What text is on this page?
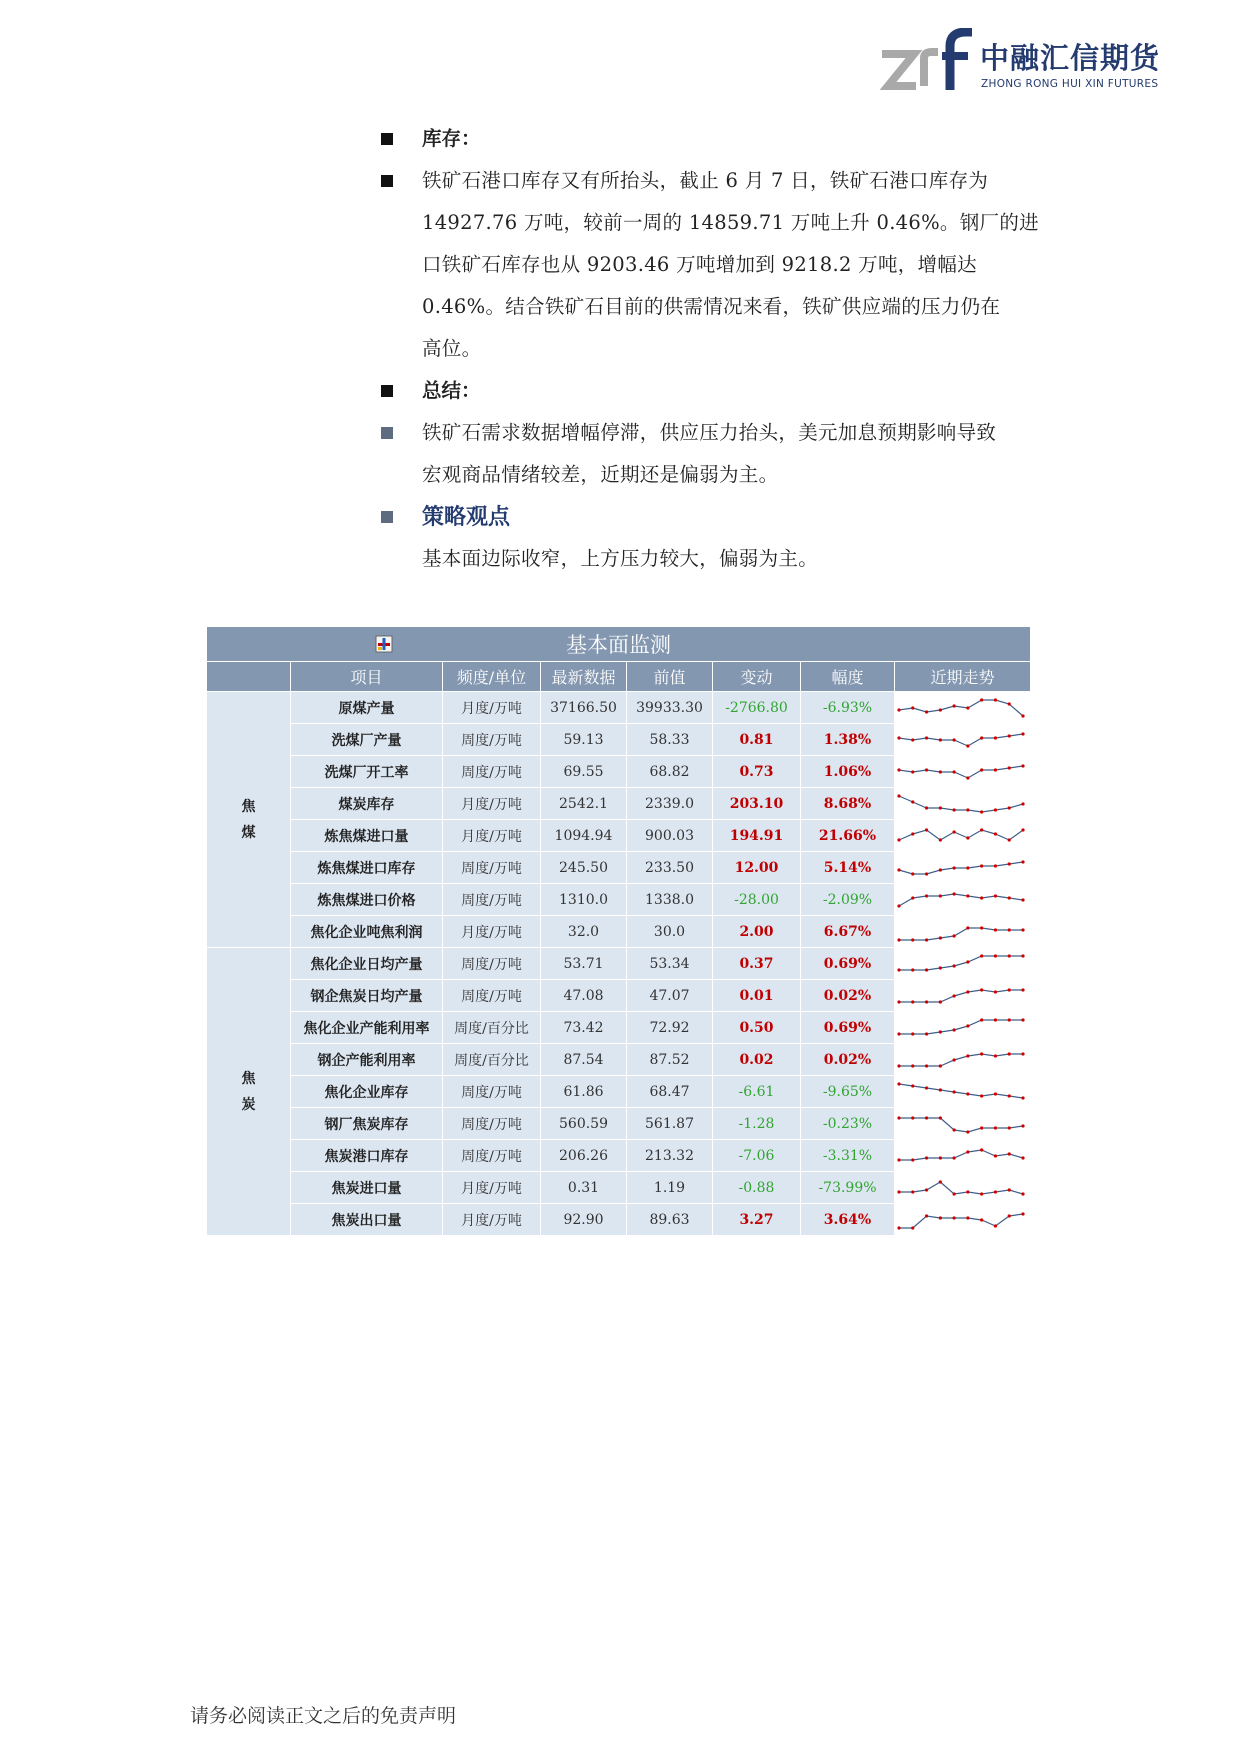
中融汇信期货
ZHONG RONG HUI XIN FUTURES
库存：
铁矿石港口库存又有所抬头，截止 6 月 7 日，铁矿石港口库存为
14927.76 万吨，较前一周的 14859.71 万吨上升 0.46%。钢厂的进
口铁矿石库存也从 9203.46 万吨增加到 9218.2 万吨，增幅达
0.46%。结合铁矿石目前的供需情况来看，铁矿供应端的压力仍在
高位。
总结：
铁矿石需求数据增幅停滞，供应压力抬头，美元加息预期影响导致
宏观商品情绪较差，近期还是偏弱为主。
策略观点
基本面边际收窄，上方压力较大，偏弱为主。
基本面监测							
	项目	频度/单位	最新数据	前值	变动	幅度	近期走势

焦
煤	原煤产量	月度/万吨	37166.50	39933.30	-2766.80	-6.93%	

	洗煤厂产量	周度/万吨	59.13	58.33	0.81	1.38%	

	洗煤厂开工率	周度/万吨	69.55	68.82	0.73	1.06%	

	煤炭库存	月度/万吨	2542.1	2339.0	203.10	8.68%	

	炼焦煤进口量	月度/万吨	1094.94	900.03	194.91	21.66%	

	炼焦煤进口库存	周度/万吨	245.50	233.50	12.00	5.14%	

	炼焦煤进口价格	周度/万吨	1310.0	1338.0	-28.00	-2.09%	

	焦化企业吨焦利润	月度/万吨	32.0	30.0	2.00	6.67%	

焦
炭	焦化企业日均产量	周度/万吨	53.71	53.34	0.37	0.69%	

	钢企焦炭日均产量	周度/万吨	47.08	47.07	0.01	0.02%	

	焦化企业产能利用率	周度/百分比	73.42	72.92	0.50	0.69%	

	钢企产能利用率	周度/百分比	87.54	87.52	0.02	0.02%	

	焦化企业库存	周度/万吨	61.86	68.47	-6.61	-9.65%	

	钢厂焦炭库存	周度/万吨	560.59	561.87	-1.28	-0.23%	

	焦炭港口库存	周度/万吨	206.26	213.32	-7.06	-3.31%	

	焦炭进口量	月度/万吨	0.31	1.19	-0.88	-73.99%	

	焦炭出口量	月度/万吨	92.90	89.63	3.27	3.64%	
请务必阅读正文之后的免责声明
